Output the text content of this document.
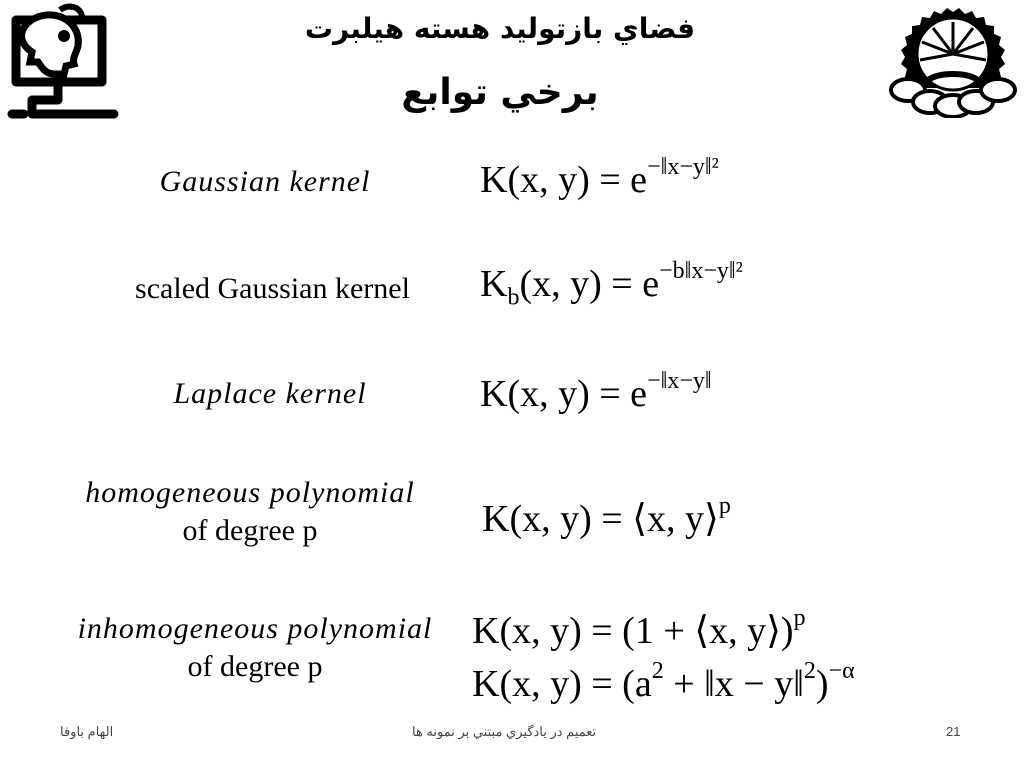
فضاي بازتوليد هسته هيلبرت
برخي توابع
Gaussian kernel	K(x, $y) = e^{-‖x-y‖^2}$
scaled Gaussian kernel	$K_b(x$, $y) = e^{-b‖x-y‖^2}$
Laplace kernel	K(x, $y) = e^{-‖x-y‖}$
homogeneous polynomial
of degree p	K(x, y) = ⟨x, y⟩$^p$
inhomogeneous polynomial
of degree p
K(x, y) = (1 + ⟨x, y⟩)$^p$
K(x, $y) = (a^2$ + ‖x − y‖$^2$)$^{-\alpha}$
الهام باوفا	تعميم در يادگيري مبتني بر نمونه ها	21
